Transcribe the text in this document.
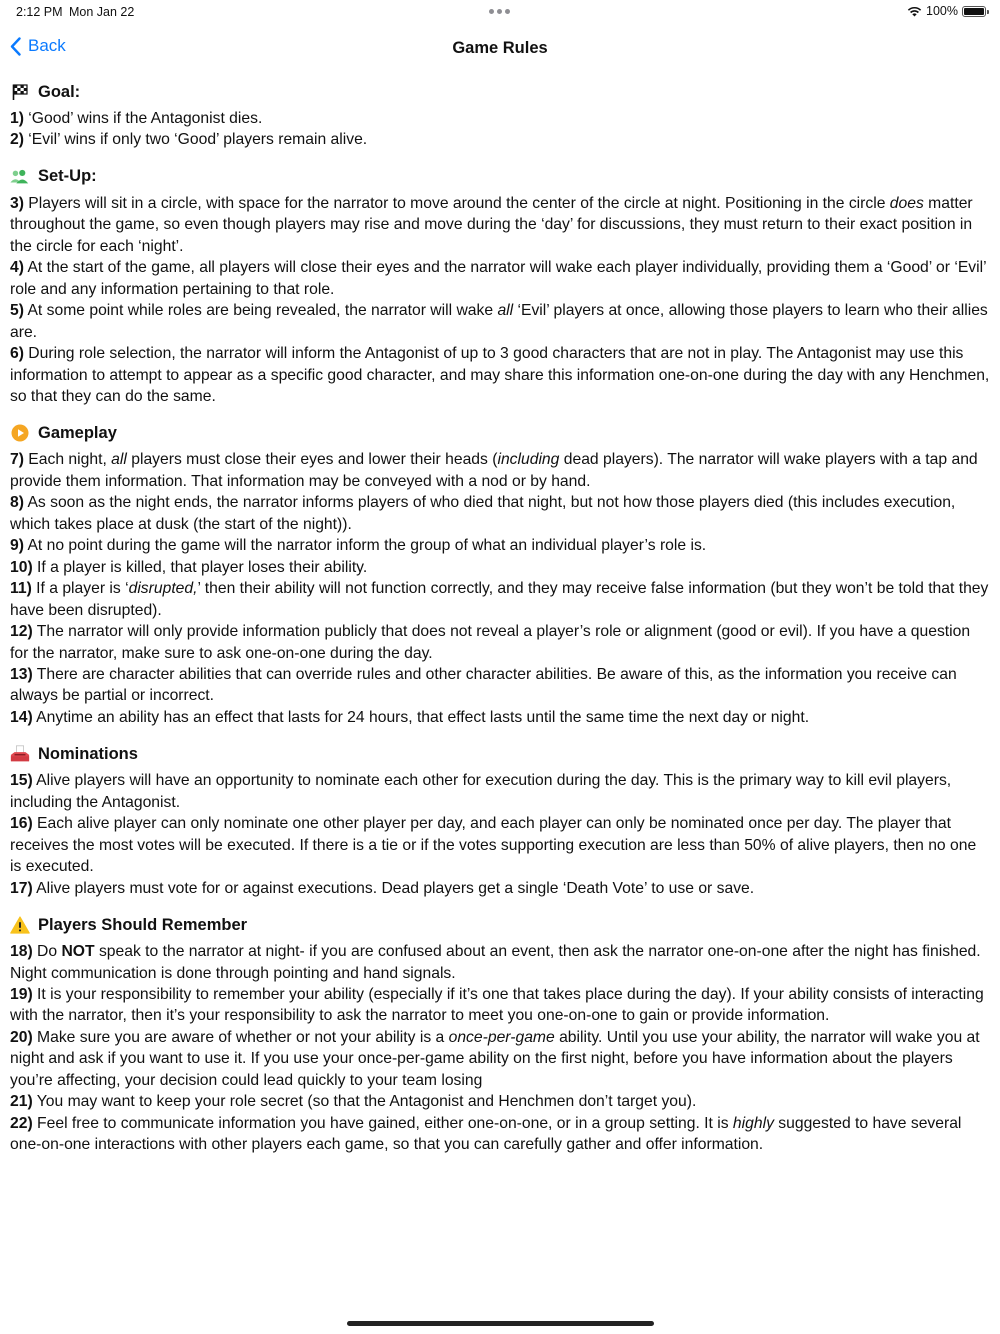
2:12 PM Mon Jan 22	100%
Back	Game Rules
Goal:

1) ‘Good’ wins if the Antagonist dies.

2) ‘Evil’ wins if only two ‘Good’ players remain alive.

Set-Up:

3) Players will sit in a circle, with space for the narrator to move around the center of the circle at night. Positioning in the circle does matter throughout the game, so even though players may rise and move during the ‘day’ for discussions, they must return to their exact position in the circle for each ‘night’.

4) At the start of the game, all players will close their eyes and the narrator will wake each player individually, providing them a ‘Good’ or ‘Evil’ role and any information pertaining to that role.

5) At some point while roles are being revealed, the narrator will wake all ‘Evil’ players at once, allowing those players to learn who their allies are.

6) During role selection, the narrator will inform the Antagonist of up to 3 good characters that are not in play. The Antagonist may use this information to attempt to appear as a specific good character, and may share this information one-on-one during the day with any Henchmen, so that they can do the same.

Gameplay

7) Each night, all players must close their eyes and lower their heads (including dead players). The narrator will wake players with a tap and provide them information. That information may be conveyed with a nod or by hand.

8) As soon as the night ends, the narrator informs players of who died that night, but not how those players died (this includes execution, which takes place at dusk (the start of the night)).

9) At no point during the game will the narrator inform the group of what an individual player’s role is.

10) If a player is killed, that player loses their ability.

11) If a player is ‘disrupted,’ then their ability will not function correctly, and they may receive false information (but they won’t be told that they have been disrupted).

12) The narrator will only provide information publicly that does not reveal a player’s role or alignment (good or evil). If you have a question for the narrator, make sure to ask one-on-one during the day.

13) There are character abilities that can override rules and other character abilities. Be aware of this, as the information you receive can always be partial or incorrect.

14) Anytime an ability has an effect that lasts for 24 hours, that effect lasts until the same time the next day or night.

Nominations

15) Alive players will have an opportunity to nominate each other for execution during the day. This is the primary way to kill evil players, including the Antagonist.

16) Each alive player can only nominate one other player per day, and each player can only be nominated once per day. The player that receives the most votes will be executed. If there is a tie or if the votes supporting execution are less than 50% of alive players, then no one is executed.

17) Alive players must vote for or against executions. Dead players get a single ‘Death Vote’ to use or save.

Players Should Remember

18) Do NOT speak to the narrator at night- if you are confused about an event, then ask the narrator one-on-one after the night has finished. Night communication is done through pointing and hand signals.

19) It is your responsibility to remember your ability (especially if it’s one that takes place during the day). If your ability consists of interacting with the narrator, then it’s your responsibility to ask the narrator to meet you one-on-one to gain or provide information.

20) Make sure you are aware of whether or not your ability is a once-per-game ability. Until you use your ability, the narrator will wake you at night and ask if you want to use it. If you use your once-per-game ability on the first night, before you have information about the players you’re affecting, your decision could lead quickly to your team losing

21) You may want to keep your role secret (so that the Antagonist and Henchmen don’t target you).

22) Feel free to communicate information you have gained, either one-on-one, or in a group setting. It is highly suggested to have several one-on-one interactions with other players each game, so that you can carefully gather and offer information.
